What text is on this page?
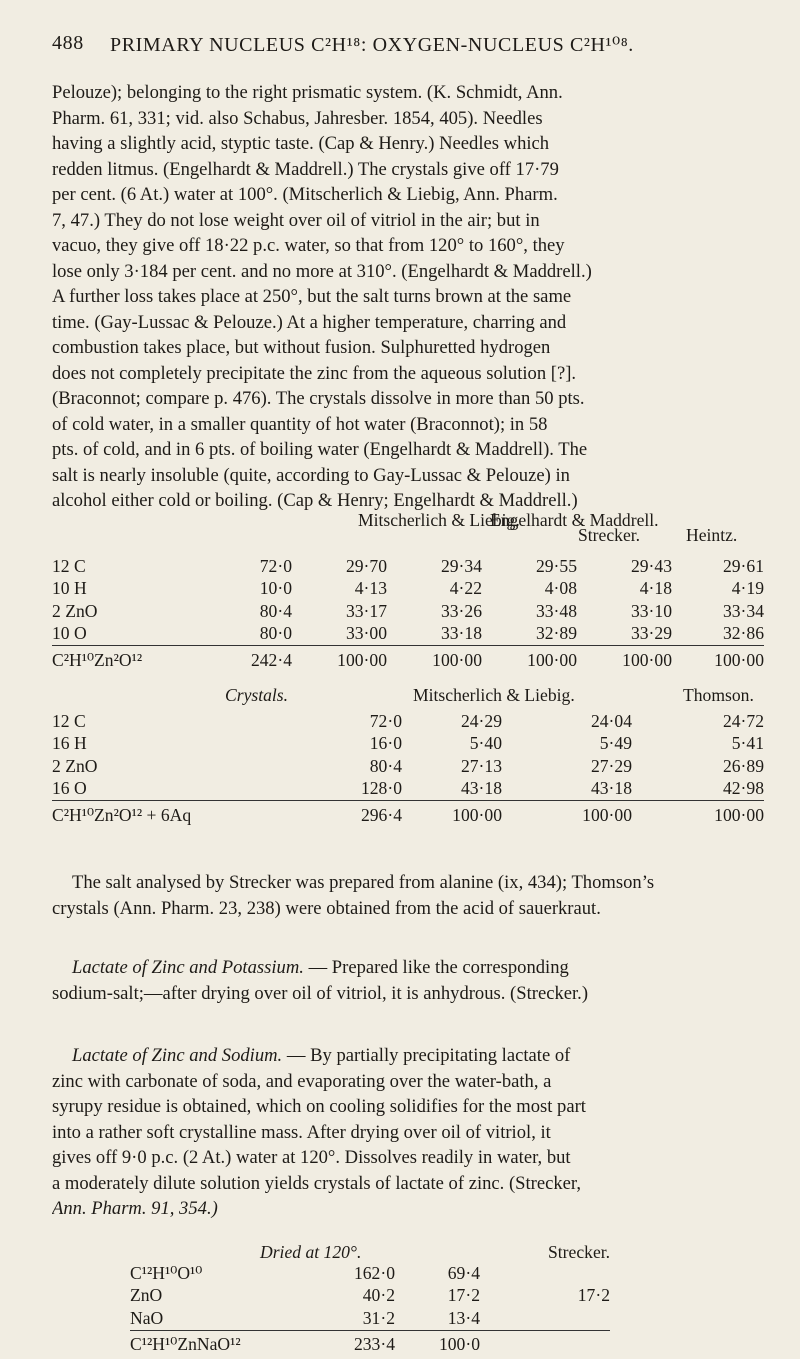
488 PRIMARY NUCLEUS C²H¹⁸: OXYGEN-NUCLEUS C²H¹⁰⁸.

Pelouze); belonging to the right prismatic system. (K. Schmidt, Ann.
Pharm. 61, 331; vid. also Schabus, Jahresber. 1854, 405). Needles
having a slightly acid, styptic taste. (Cap & Henry.) Needles which
redden litmus. (Engelhardt & Maddrell.) The crystals give off 17·79
per cent. (6 At.) water at 100°. (Mitscherlich & Liebig, Ann. Pharm.
7, 47.) They do not lose weight over oil of vitriol in the air; but in
vacuo, they give off 18·22 p.c. water, so that from 120° to 160°, they
lose only 3·184 per cent. and no more at 310°. (Engelhardt & Maddrell.)
A further loss takes place at 250°, but the salt turns brown at the same
time. (Gay-Lussac & Pelouze.) At a higher temperature, charring and
combustion takes place, but without fusion. Sulphuretted hydrogen
does not completely precipitate the zinc from the aqueous solution [?].
(Braconnot; compare p. 476). The crystals dissolve in more than 50 pts.
of cold water, in a smaller quantity of hot water (Braconnot); in 58
pts. of cold, and in 6 pts. of boiling water (Engelhardt & Maddrell). The
salt is nearly insoluble (quite, according to Gay-Lussac & Pelouze) in
alcohol either cold or boiling. (Cap & Henry; Engelhardt & Maddrell.)

Mitscherlich & Liebig.
Engelhardt & Maddrell.
Strecker.	Heintz.
12 C	72·0	29·70	29·34	29·55	29·43	29·61
10 H	10·0	4·13	4·22	4·08	4·18	4·19
2 ZnO	80·4	33·17	33·26	33·48	33·10	33·34
10 O	80·0	33·00	33·18	32·89	33·29	32·86
C²H¹⁰Zn²O¹²	242·4	100·00	100·00	100·00	100·00	100·00
Crystals.	Mitscherlich & Liebig.	Thomson.
12 C	72·0	24·29	24·04	24·72
16 H	16·0	5·40	5·49	5·41
2 ZnO	80·4	27·13	27·29	26·89
16 O	128·0	43·18	43·18	42·98
C²H¹⁰Zn²O¹² + 6Aq	296·4	100·00	100·00	100·00

The salt analysed by Strecker was prepared from alanine (ix, 434); Thomson’s
crystals (Ann. Pharm. 23, 238) were obtained from the acid of sauerkraut.

Lactate of Zinc and Potassium. — Prepared like the corresponding
sodium-salt;—after drying over oil of vitriol, it is anhydrous. (Strecker.)

Lactate of Zinc and Sodium. — By partially precipitating lactate of
zinc with carbonate of soda, and evaporating over the water-bath, a
syrupy residue is obtained, which on cooling solidifies for the most part
into a rather soft crystalline mass. After drying over oil of vitriol, it
gives off 9·0 p.c. (2 At.) water at 120°. Dissolves readily in water, but
a moderately dilute solution yields crystals of lactate of zinc. (Strecker,
Ann. Pharm. 91, 354.)

Dried at 120°.	Strecker.
C¹²H¹⁰O¹⁰	162·0	69·4	
ZnO	40·2	17·2	17·2
NaO	31·2	13·4	
C¹²H¹⁰ZnNaO¹²	233·4	100·0	
